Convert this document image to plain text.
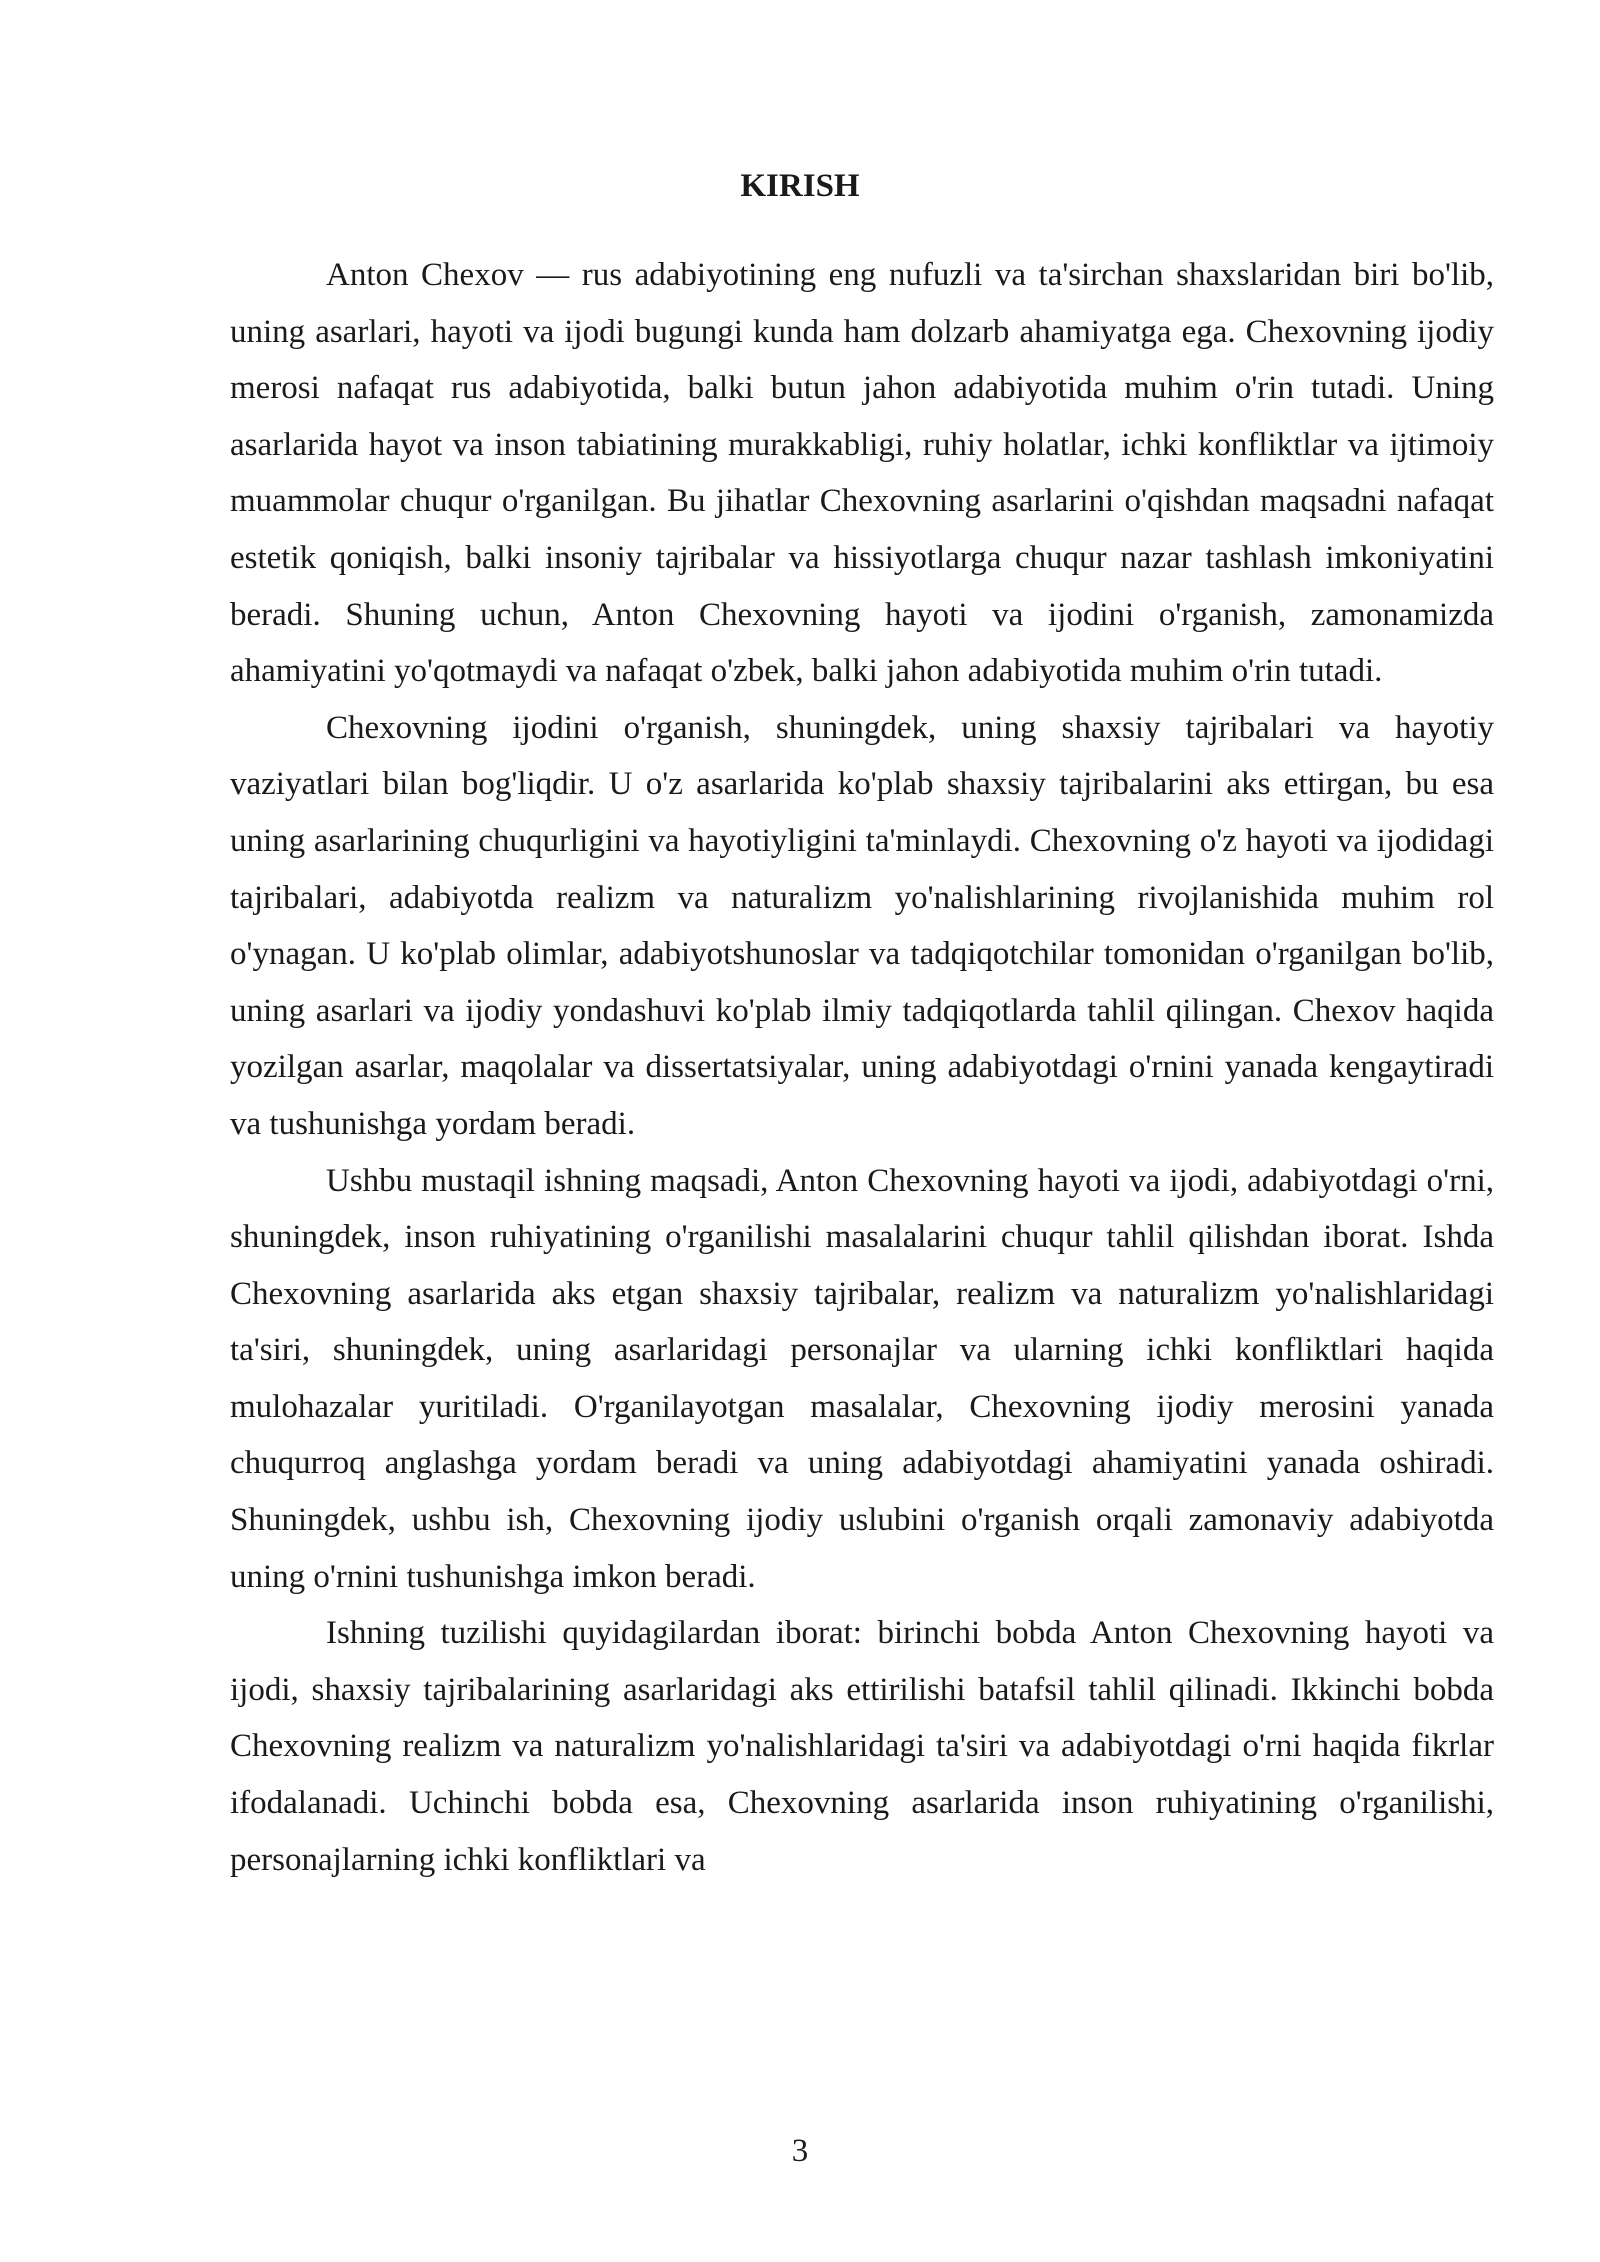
KIRISH

Anton Chexov — rus adabiyotining eng nufuzli va ta'sirchan shaxslaridan biri bo'lib, uning asarlari, hayoti va ijodi bugungi kunda ham dolzarb ahamiyatga ega. Chexovning ijodiy merosi nafaqat rus adabiyotida, balki butun jahon adabiyotida muhim o'rin tutadi. Uning asarlarida hayot va inson tabiatining murakkabligi, ruhiy holatlar, ichki konfliktlar va ijtimoiy muammolar chuqur o'rganilgan. Bu jihatlar Chexovning asarlarini o'qishdan maqsadni nafaqat estetik qoniqish, balki insoniy tajribalar va hissiyotlarga chuqur nazar tashlash imkoniyatini beradi. Shuning uchun, Anton Chexovning hayoti va ijodini o'rganish, zamonamizda ahamiyatini yo'qotmaydi va nafaqat o'zbek, balki jahon adabiyotida muhim o'rin tutadi.

Chexovning ijodini o'rganish, shuningdek, uning shaxsiy tajribalari va hayotiy vaziyatlari bilan bog'liqdir. U o'z asarlarida ko'plab shaxsiy tajribalarini aks ettirgan, bu esa uning asarlarining chuqurligini va hayotiyligini ta'minlaydi. Chexovning o'z hayoti va ijodidagi tajribalari, adabiyotda realizm va naturalizm yo'nalishlarining rivojlanishida muhim rol o'ynagan. U ko'plab olimlar, adabiyotshunoslar va tadqiqotchilar tomonidan o'rganilgan bo'lib, uning asarlari va ijodiy yondashuvi ko'plab ilmiy tadqiqotlarda tahlil qilingan. Chexov haqida yozilgan asarlar, maqolalar va dissertatsiyalar, uning adabiyotdagi o'rnini yanada kengaytiradi va tushunishga yordam beradi.

Ushbu mustaqil ishning maqsadi, Anton Chexovning hayoti va ijodi, adabiyotdagi o'rni, shuningdek, inson ruhiyatining o'rganilishi masalalarini chuqur tahlil qilishdan iborat. Ishda Chexovning asarlarida aks etgan shaxsiy tajribalar, realizm va naturalizm yo'nalishlaridagi ta'siri, shuningdek, uning asarlaridagi personajlar va ularning ichki konfliktlari haqida mulohazalar yuritiladi. O'rganilayotgan masalalar, Chexovning ijodiy merosini yanada chuqurroq anglashga yordam beradi va uning adabiyotdagi ahamiyatini yanada oshiradi. Shuningdek, ushbu ish, Chexovning ijodiy uslubini o'rganish orqali zamonaviy adabiyotda uning o'rnini tushunishga imkon beradi.

Ishning tuzilishi quyidagilardan iborat: birinchi bobda Anton Chexovning hayoti va ijodi, shaxsiy tajribalarining asarlaridagi aks ettirilishi batafsil tahlil qilinadi. Ikkinchi bobda Chexovning realizm va naturalizm yo'nalishlaridagi ta'siri va adabiyotdagi o'rni haqida fikrlar ifodalanadi. Uchinchi bobda esa, Chexovning asarlarida inson ruhiyatining o'rganilishi, personajlarning ichki konfliktlari va

3
